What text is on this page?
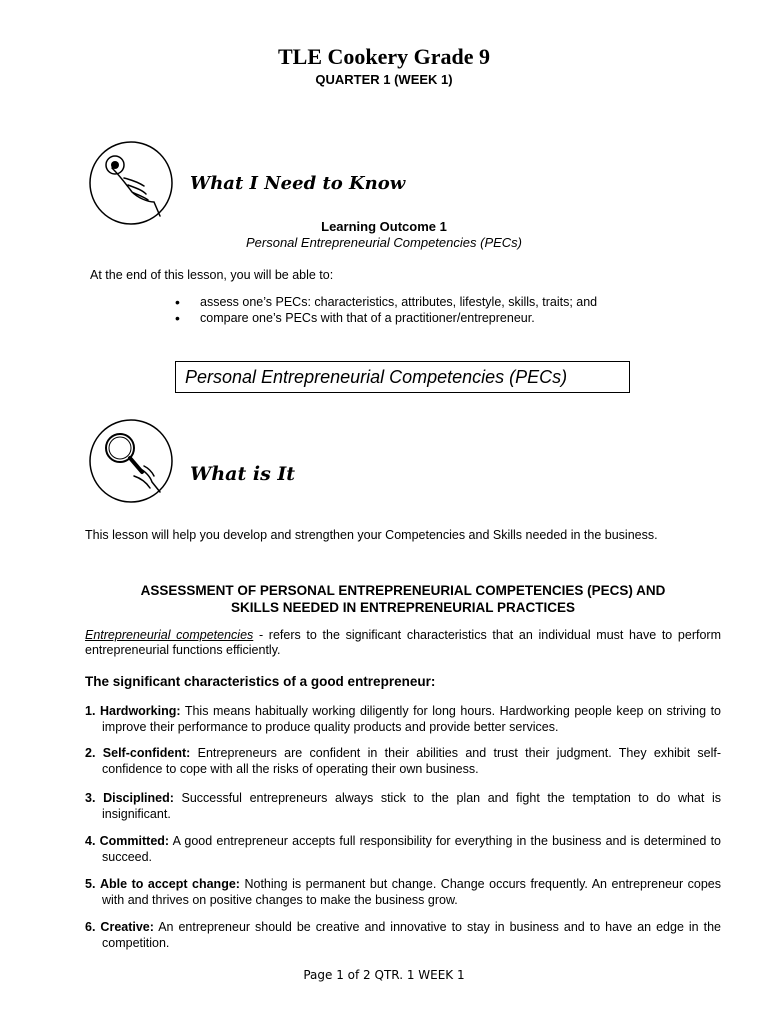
TLE Cookery Grade 9
QUARTER 1 (WEEK 1)
What I Need to Know
Learning Outcome 1
Personal Entrepreneurial Competencies (PECs)
At the end of this lesson, you will be able to:
• assess one’s PECs: characteristics, attributes, lifestyle, skills, traits; and
• compare one’s PECs with that of a practitioner/entrepreneur.
Personal Entrepreneurial Competencies (PECs)
What is It
This lesson will help you develop and strengthen your Competencies and Skills needed in the business.
ASSESSMENT OF PERSONAL ENTREPRENEURIAL COMPETENCIES (PECS) AND
SKILLS NEEDED IN ENTREPRENEURIAL PRACTICES
Entrepreneurial competencies - refers to the significant characteristics that an individual must have to perform entrepreneurial functions efficiently.
The significant characteristics of a good entrepreneur:
1. Hardworking: This means habitually working diligently for long hours. Hardworking people keep on striving to improve their performance to produce quality products and provide better services.
2. Self-confident: Entrepreneurs are confident in their abilities and trust their judgment. They exhibit self-confidence to cope with all the risks of operating their own business.
3. Disciplined: Successful entrepreneurs always stick to the plan and fight the temptation to do what is insignificant.
4. Committed: A good entrepreneur accepts full responsibility for everything in the business and is determined to succeed.
5. Able to accept change: Nothing is permanent but change. Change occurs frequently. An entrepreneur copes with and thrives on positive changes to make the business grow.
6. Creative: An entrepreneur should be creative and innovative to stay in business and to have an edge in the competition.
Page 1 of 2 QTR. 1 WEEK 1
